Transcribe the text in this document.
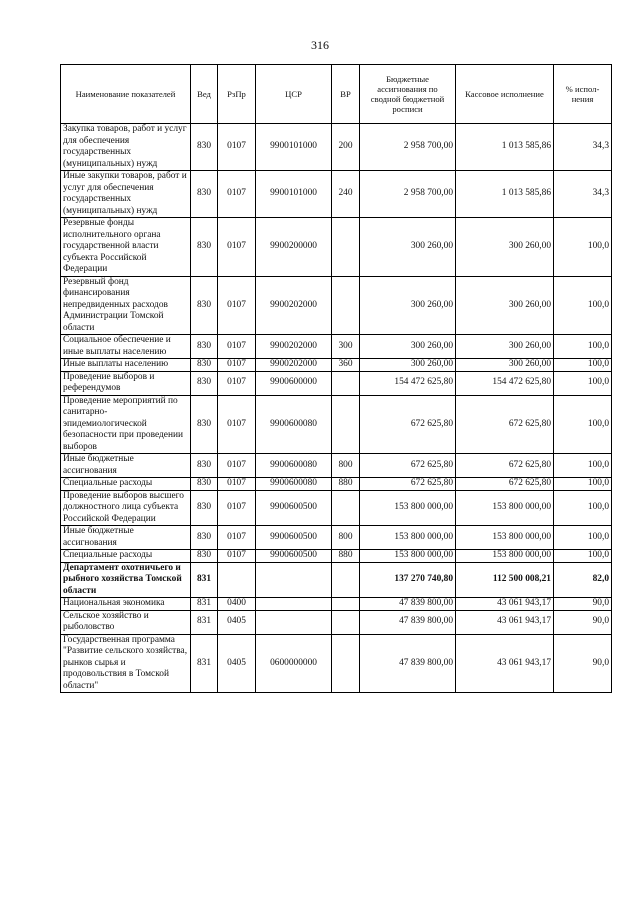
316
Наименование показателей	Вед	РзПр	ЦСР	ВР	Бюджетные ассигнования по сводной бюджетной росписи	Кассовое исполнение	% испол-нения
Закупка товаров, работ и услуг для обеспечения государственных (муниципальных) нужд	830	0107	9900101000	200	2 958 700,00	1 013 585,86	34,3
Иные закупки товаров, работ и услуг для обеспечения государственных (муниципальных) нужд	830	0107	9900101000	240	2 958 700,00	1 013 585,86	34,3
Резервные фонды исполнительного органа государственной власти субъекта Российской Федерации	830	0107	9900200000		300 260,00	300 260,00	100,0
Резервный фонд финансирования непредвиденных расходов Администрации Томской области	830	0107	9900202000		300 260,00	300 260,00	100,0
Социальное обеспечение и иные выплаты населению	830	0107	9900202000	300	300 260,00	300 260,00	100,0
Иные выплаты населению	830	0107	9900202000	360	300 260,00	300 260,00	100,0
Проведение выборов и референдумов	830	0107	9900600000		154 472 625,80	154 472 625,80	100,0
Проведение мероприятий по санитарно-эпидемиологической безопасности при проведении выборов	830	0107	9900600080		672 625,80	672 625,80	100,0
Иные бюджетные ассигнования	830	0107	9900600080	800	672 625,80	672 625,80	100,0
Специальные расходы	830	0107	9900600080	880	672 625,80	672 625,80	100,0
Проведение выборов высшего должностного лица субъекта Российской Федерации	830	0107	9900600500		153 800 000,00	153 800 000,00	100,0
Иные бюджетные ассигнования	830	0107	9900600500	800	153 800 000,00	153 800 000,00	100,0
Специальные расходы	830	0107	9900600500	880	153 800 000,00	153 800 000,00	100,0
Департамент охотничьего и рыбного хозяйства Томской области	831				137 270 740,80	112 500 008,21	82,0
Национальная экономика	831	0400			47 839 800,00	43 061 943,17	90,0
Сельское хозяйство и рыболовство	831	0405			47 839 800,00	43 061 943,17	90,0
Государственная программа "Развитие сельского хозяйства, рынков сырья и продовольствия в Томской области"	831	0405	0600000000		47 839 800,00	43 061 943,17	90,0
